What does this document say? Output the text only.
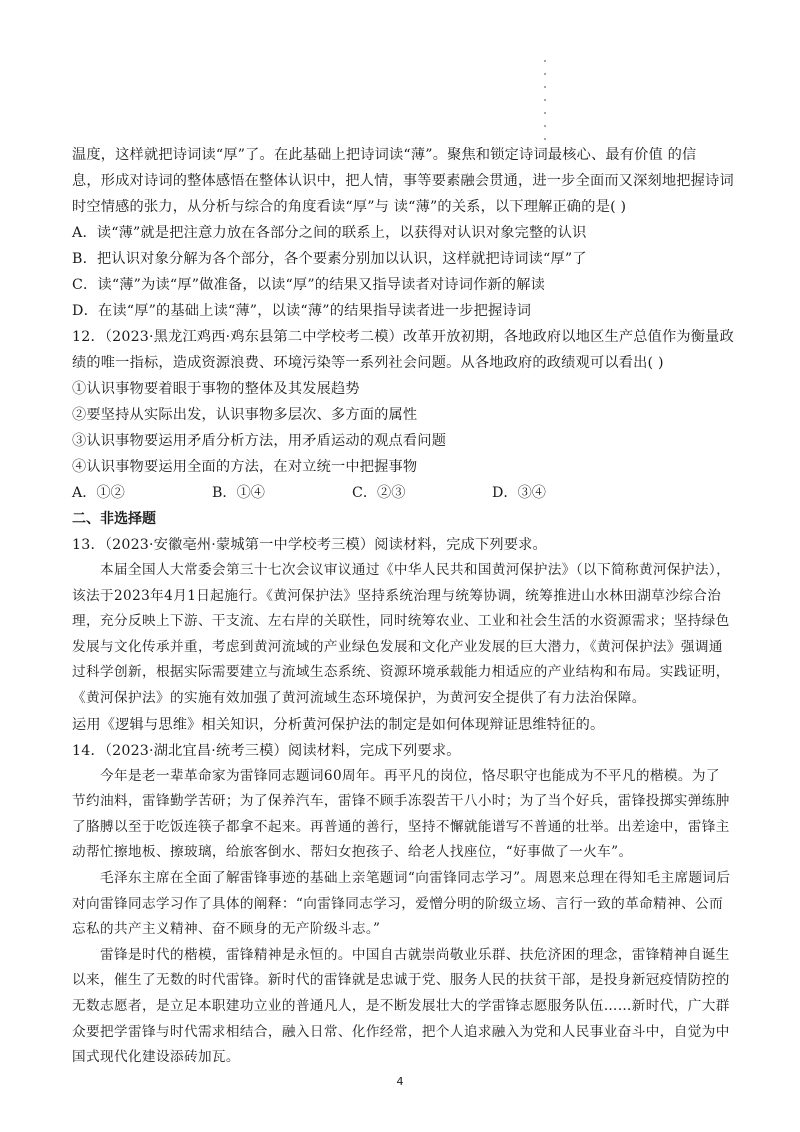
温度，这样就把诗词读“厚”了。在此基础上把诗词读“薄”。聚焦和锁定诗词最核心、最有价值 的信
息，形成对诗词的整体感悟在整体认识中，把人情，事等要素融会贯通，进一步全面而又深刻地把握诗词
时空情感的张力，从分析与综合的角度看读“厚”与 读“薄”的关系，以下理解正确的是( )
A．读“薄”就是把注意力放在各部分之间的联系上，以获得对认识对象完整的认识
B．把认识对象分解为各个部分，各个要素分别加以认识，这样就把诗词读“厚”了
C．读“薄”为读“厚”做准备，以读“厚”的结果又指导读者对诗词作新的解读
D．在读“厚”的基础上读“薄”，以读“薄”的结果指导读者进一步把握诗词
12．（2023·黑龙江鸡西·鸡东县第二中学校考二模）改革开放初期，各地政府以地区生产总值作为衡量政
绩的唯一指标，造成资源浪费、环境污染等一系列社会问题。从各地政府的政绩观可以看出( )
①认识事物要着眼于事物的整体及其发展趋势
②要坚持从实际出发，认识事物多层次、多方面的属性
③认识事物要运用矛盾分析方法，用矛盾运动的观点看问题
④认识事物要运用全面的方法，在对立统一中把握事物
A．①②	B．①④	C．②③	D．③④
二、非选择题
13．（2023·安徽亳州·蒙城第一中学校考三模）阅读材料，完成下列要求。

本届全国人大常委会第三十七次会议审议通过《中华人民共和国黄河保护法》（以下简称黄河保护法），该法于2023年4月1日起施行。《黄河保护法》坚持系统治理与统筹协调，统筹推进山水林田湖草沙综合治理，充分反映上下游、干支流、左右岸的关联性，同时统筹农业、工业和社会生活的水资源需求；坚持绿色发展与文化传承并重，考虑到黄河流域的产业绿色发展和文化产业发展的巨大潜力，《黄河保护法》强调通过科学创新，根据实际需要建立与流域生态系统、资源环境承载能力相适应的产业结构和布局。实践证明，《黄河保护法》的实施有效加强了黄河流域生态环境保护，为黄河安全提供了有力法治保障。

运用《逻辑与思维》相关知识，分析黄河保护法的制定是如何体现辩证思维特征的。
14．（2023·湖北宜昌·统考三模）阅读材料，完成下列要求。

今年是老一辈革命家为雷锋同志题词60周年。再平凡的岗位，恪尽职守也能成为不平凡的楷模。为了节约油料，雷锋勤学苦研；为了保养汽车，雷锋不顾手冻裂苦干八小时；为了当个好兵，雷锋投掷实弹练肿了胳膊以至于吃饭连筷子都拿不起来。再普通的善行，坚持不懈就能谱写不普通的壮举。出差途中，雷锋主动帮忙擦地板、擦玻璃，给旅客倒水、帮妇女抱孩子、给老人找座位，“好事做了一火车”。

毛泽东主席在全面了解雷锋事迹的基础上亲笔题词“向雷锋同志学习”。周恩来总理在得知毛主席题词后对向雷锋同志学习作了具体的阐释：“向雷锋同志学习，爱憎分明的阶级立场、言行一致的革命精神、公而忘私的共产主义精神、奋不顾身的无产阶级斗志。”

雷锋是时代的楷模，雷锋精神是永恒的。中国自古就崇尚敬业乐群、扶危济困的理念，雷锋精神自诞生以来，催生了无数的时代雷锋。新时代的雷锋就是忠诚于党、服务人民的扶贫干部，是投身新冠疫情防控的无数志愿者，是立足本职建功立业的普通凡人，是不断发展壮大的学雷锋志愿服务队伍……新时代，广大群众要把学雷锋与时代需求相结合，融入日常、化作经常，把个人追求融入为党和人民事业奋斗中，自觉为中国式现代化建设添砖加瓦。

4
